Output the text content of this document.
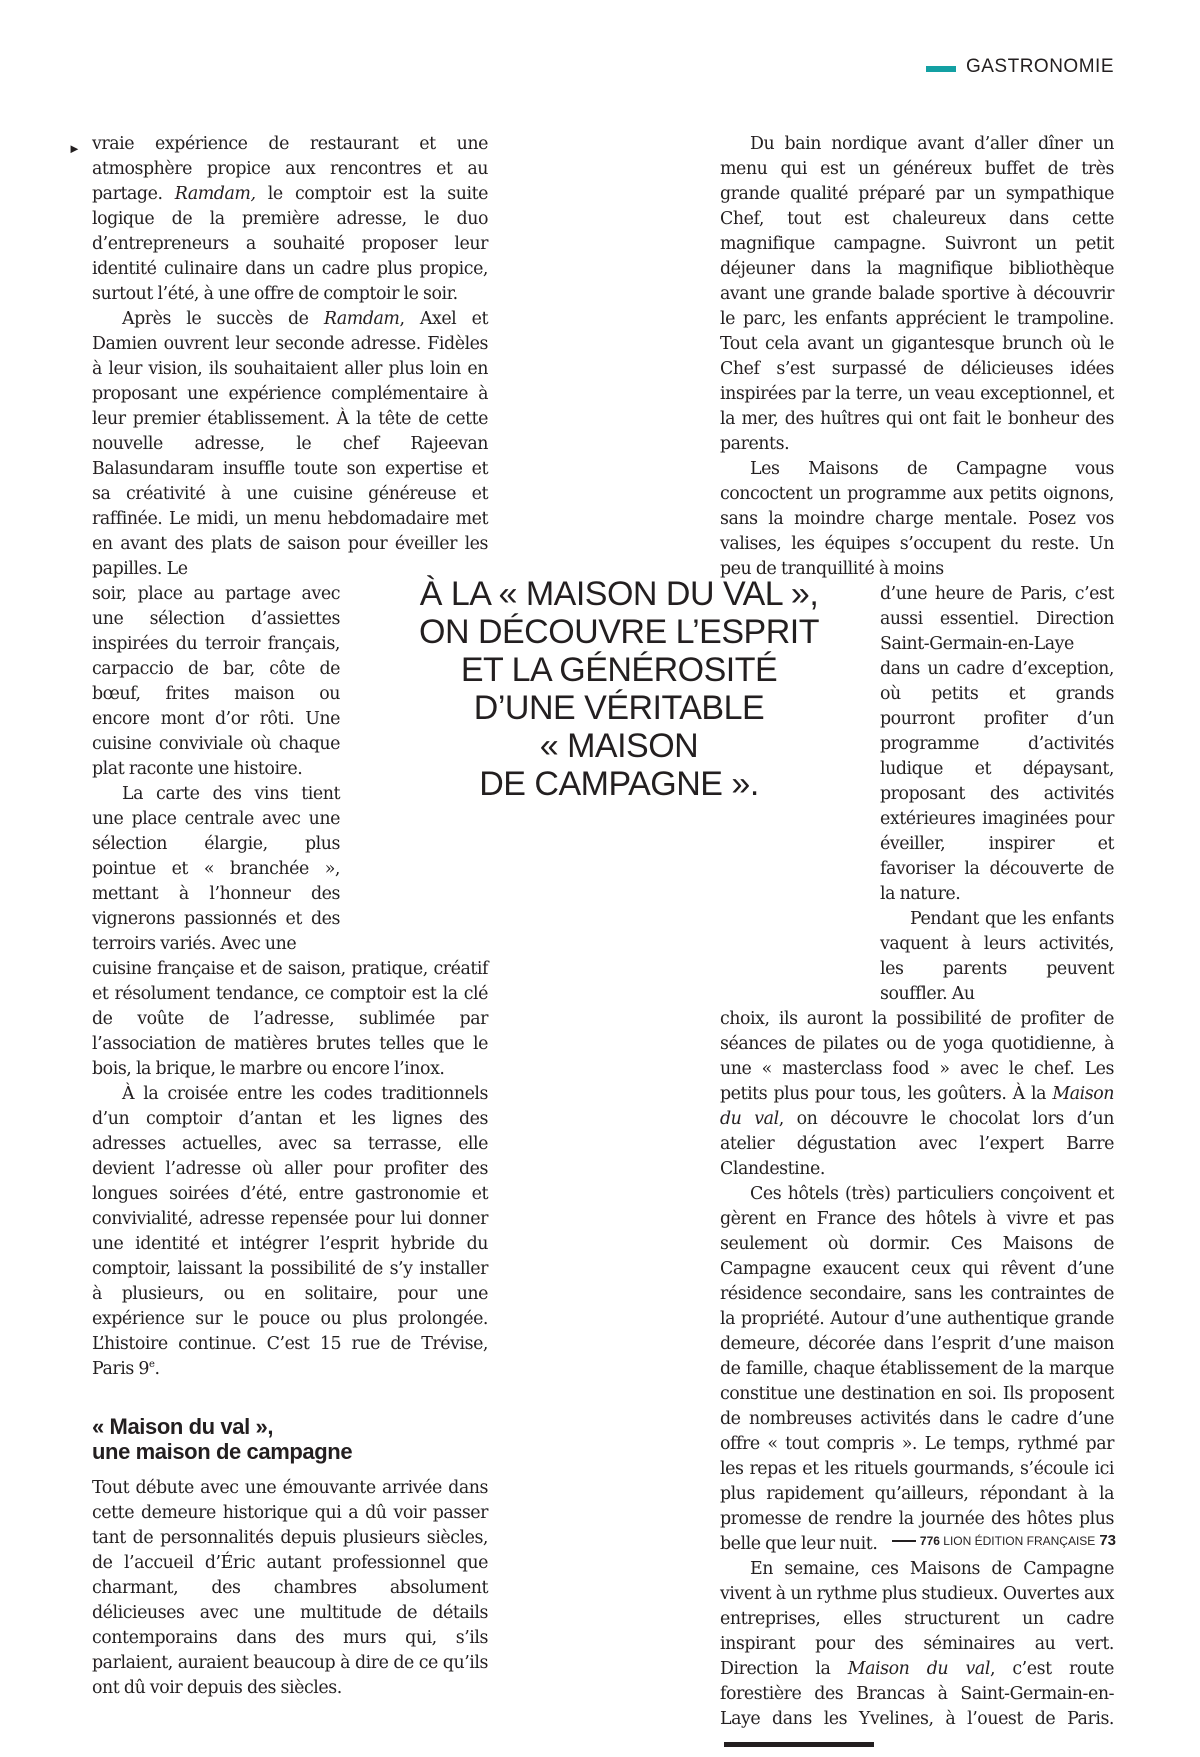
GASTRONOMIE
► vraie expérience de restaurant et une atmosphère propice aux rencontres et au partage. Ramdam, le comptoir est la suite logique de la première adresse, le duo d’entrepreneurs a souhaité proposer leur identité culinaire dans un cadre plus propice, surtout l’été, à une offre de comptoir le soir.

Après le succès de Ramdam, Axel et Damien ouvrent leur seconde adresse. Fidèles à leur vision, ils souhaitaient aller plus loin en proposant une expérience complémentaire à leur premier établissement. À la tête de cette nouvelle adresse, le chef Rajeevan Balasundaram insuffle toute son expertise et sa créativité à une cuisine généreuse et raffinée. Le midi, un menu hebdomadaire met en avant des plats de saison pour éveiller les papilles. Le

soir, place au partage avec une sélection d’assiettes inspirées du terroir français, carpaccio de bar, côte de bœuf, frites maison ou encore mont d’or rôti. Une cuisine conviviale où chaque plat raconte une histoire.

La carte des vins tient une place centrale avec une sélection élargie, plus pointue et « branchée », mettant à l’honneur des vignerons passionnés et des terroirs variés. Avec une

cuisine française et de saison, pratique, créatif et résolument tendance, ce comptoir est la clé de voûte de l’adresse, sublimée par l’association de matières brutes telles que le bois, la brique, le marbre ou encore l’inox.

À la croisée entre les codes traditionnels d’un comptoir d’antan et les lignes des adresses actuelles, avec sa terrasse, elle devient l’adresse où aller pour profiter des longues soirées d’été, entre gastronomie et convivialité, adresse repensée pour lui donner une identité et intégrer l’esprit hybride du comptoir, laissant la possibilité de s’y installer à plusieurs, ou en solitaire, pour une expérience sur le pouce ou plus prolongée. L’histoire continue. C’est 15 rue de Trévise, Paris 9e.

« Maison du val »,
une maison de campagne

Tout débute avec une émouvante arrivée dans cette demeure historique qui a dû voir passer tant de personnalités depuis plusieurs siècles, de l’accueil d’Éric autant professionnel que charmant, des chambres absolument délicieuses avec une multitude de détails contemporains dans des murs qui, s’ils parlaient, auraient beaucoup à dire de ce qu’ils ont dû voir depuis des siècles.

À LA « MAISON DU VAL »,
ON DÉCOUVRE L’ESPRIT
ET LA GÉNÉROSITÉ
D’UNE VÉRITABLE
« MAISON
DE CAMPAGNE ».

Du bain nordique avant d’aller dîner un menu qui est un généreux buffet de très grande qualité préparé par un sympathique Chef, tout est chaleureux dans cette magnifique campagne. Suivront un petit déjeuner dans la magnifique bibliothèque avant une grande balade sportive à découvrir le parc, les enfants apprécient le trampoline. Tout cela avant un gigantesque brunch où le Chef s’est surpassé de délicieuses idées inspirées par la terre, un veau exceptionnel, et la mer, des huîtres qui ont fait le bonheur des parents.

Les Maisons de Campagne vous concoctent un programme aux petits oignons, sans la moindre charge mentale. Posez vos valises, les équipes s’occupent du reste. Un peu de tranquillité à moins

d’une heure de Paris, c’est aussi essentiel. Direction Saint-Germain-en-Laye dans un cadre d’exception, où petits et grands pourront profiter d’un programme d’activités ludique et dépaysant, proposant des activités extérieures imaginées pour éveiller, inspirer et favoriser la découverte de la nature.

Pendant que les enfants vaquent à leurs activités, les parents peuvent souffler. Au

choix, ils auront la possibilité de profiter de séances de pilates ou de yoga quotidienne, à une « masterclass food » avec le chef. Les petits plus pour tous, les goûters. À la Maison du val, on découvre le chocolat lors d’un atelier dégustation avec l’expert Barre Clandestine.

Ces hôtels (très) particuliers conçoivent et gèrent en France des hôtels à vivre et pas seulement où dormir. Ces Maisons de Campagne exaucent ceux qui rêvent d’une résidence secondaire, sans les contraintes de la propriété. Autour d’une authentique grande demeure, décorée dans l’esprit d’une maison de famille, chaque établissement de la marque constitue une destination en soi. Ils proposent de nombreuses activités dans le cadre d’une offre « tout compris ». Le temps, rythmé par les repas et les rituels gourmands, s’écoule ici plus rapidement qu’ailleurs, répondant à la promesse de rendre la journée des hôtes plus belle que leur nuit.

En semaine, ces Maisons de Campagne vivent à un rythme plus studieux. Ouvertes aux entreprises, elles structurent un cadre inspirant pour des séminaires au vert. Direction la Maison du val, c’est route forestière des Brancas à Saint-Germain-en-Laye dans les Yvelines, à l’ouest de Paris.

776
LION ÉDITION FRANÇAISE 73
